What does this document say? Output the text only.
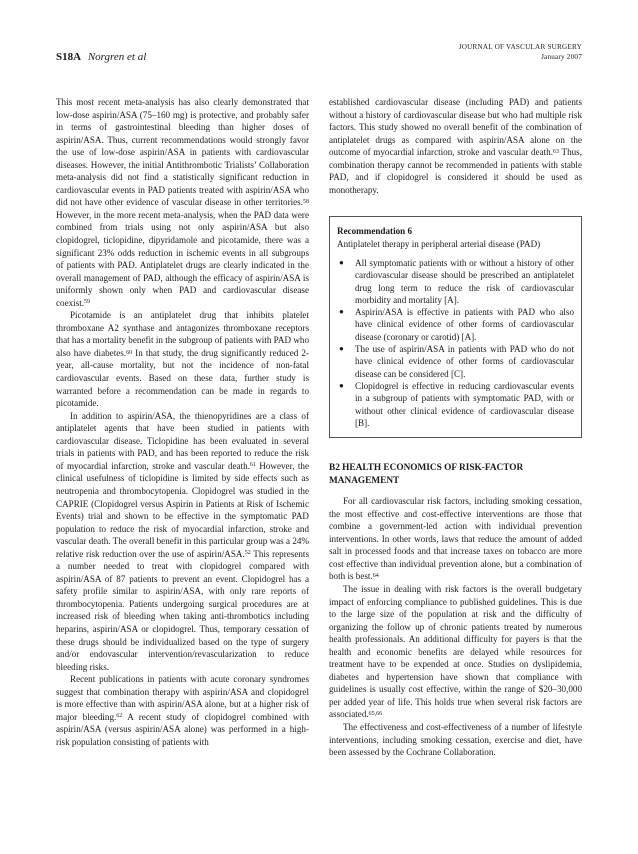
S18A Norgren et al
JOURNAL OF VASCULAR SURGERY
January 2007

This most recent meta-analysis has also clearly demonstrated that low-dose aspirin/ASA (75–160 mg) is protective, and probably safer in terms of gastrointestinal bleeding than higher doses of aspirin/ASA. Thus, current recommendations would strongly favor the use of low-dose aspirin/ASA in patients with cardiovascular diseases. However, the initial Antithrombotic Trialists’ Collaboration meta-analysis did not find a statistically significant reduction in cardiovascular events in PAD patients treated with aspirin/ASA who did not have other evidence of vascular disease in other territories.$^{58}$ However, in the more recent meta-analysis, when the PAD data were combined from trials using not only aspirin/ASA but also clopidogrel, ticlopidine, dipyridamole and picotamide, there was a significant 23% odds reduction in ischemic events in all subgroups of patients with PAD. Antiplatelet drugs are clearly indicated in the overall management of PAD, although the efficacy of aspirin/ASA is uniformly shown only when PAD and cardiovascular disease coexist.$^{59}$

Picotamide is an antiplatelet drug that inhibits platelet thromboxane A2 synthase and antagonizes thromboxane receptors that has a mortality benefit in the subgroup of patients with PAD who also have diabetes.$^{60}$ In that study, the drug significantly reduced 2-year, all-cause mortality, but not the incidence of non-fatal cardiovascular events. Based on these data, further study is warranted before a recommendation can be made in regards to picotamide.

In addition to aspirin/ASA, the thienopyridines are a class of antiplatelet agents that have been studied in patients with cardiovascular disease. Ticlopidine has been evaluated in several trials in patients with PAD, and has been reported to reduce the risk of myocardial infarction, stroke and vascular death.$^{61}$ However, the clinical usefulness of ticlopidine is limited by side effects such as neutropenia and thrombocytopenia. Clopidogrel was studied in the CAPRIE (Clopidogrel versus Aspirin in Patients at Risk of Ischemic Events) trial and shown to be effective in the symptomatic PAD population to reduce the risk of myocardial infarction, stroke and vascular death. The overall benefit in this particular group was a 24% relative risk reduction over the use of aspirin/ASA.$^{52}$ This represents a number needed to treat with clopidogrel compared with aspirin/ASA of 87 patients to prevent an event. Clopidogrel has a safety profile similar to aspirin/ASA, with only rare reports of thrombocytopenia. Patients undergoing surgical procedures are at increased risk of bleeding when taking anti-thrombotics including heparins, aspirin/ASA or clopidogrel. Thus, temporary cessation of these drugs should be individualized based on the type of surgery and/or endovascular intervention/revascularization to reduce bleeding risks.

Recent publications in patients with acute coronary syndromes suggest that combination therapy with aspirin/ASA and clopidogrel is more effective than with aspirin/ASA alone, but at a higher risk of major bleeding.$^{62}$ A recent study of clopidogrel combined with aspirin/ASA (versus aspirin/ASA alone) was performed in a high-risk population consisting of patients with

established cardiovascular disease (including PAD) and patients without a history of cardiovascular disease but who had multiple risk factors. This study showed no overall benefit of the combination of antiplatelet drugs as compared with aspirin/ASA alone on the outcome of myocardial infarction, stroke and vascular death.$^{63}$ Thus, combination therapy cannot be recommended in patients with stable PAD, and if clopidogrel is considered it should be used as monotherapy.

Recommendation 6
Antiplatelet therapy in peripheral arterial disease (PAD)
● All symptomatic patients with or without a history of other cardiovascular disease should be prescribed an antiplatelet drug long term to reduce the risk of cardiovascular morbidity and mortality [A].
● Aspirin/ASA is effective in patients with PAD who also have clinical evidence of other forms of cardiovascular disease (coronary or carotid) [A].
● The use of aspirin/ASA in patients with PAD who do not have clinical evidence of other forms of cardiovascular disease can be considered [C].
● Clopidogrel is effective in reducing cardiovascular events in a subgroup of patients with symptomatic PAD, with or without other clinical evidence of cardiovascular disease [B].
B2 HEALTH ECONOMICS OF RISK-FACTOR MANAGEMENT

For all cardiovascular risk factors, including smoking cessation, the most effective and cost-effective interventions are those that combine a government-led action with individual prevention interventions. In other words, laws that reduce the amount of added salt in processed foods and that increase taxes on tobacco are more cost effective than individual prevention alone, but a combination of both is best.$^{64}$

The issue in dealing with risk factors is the overall budgetary impact of enforcing compliance to published guidelines. This is due to the large size of the population at risk and the difficulty of organizing the follow up of chronic patients treated by numerous health professionals. An additional difficulty for payers is that the health and economic benefits are delayed while resources for treatment have to be expended at once. Studies on dyslipidemia, diabetes and hypertension have shown that compliance with guidelines is usually cost effective, within the range of $20–30,000 per added year of life. This holds true when several risk factors are associated.$^{65,66}$

The effectiveness and cost-effectiveness of a number of lifestyle interventions, including smoking cessation, exercise and diet, have been assessed by the Cochrane Collaboration.
